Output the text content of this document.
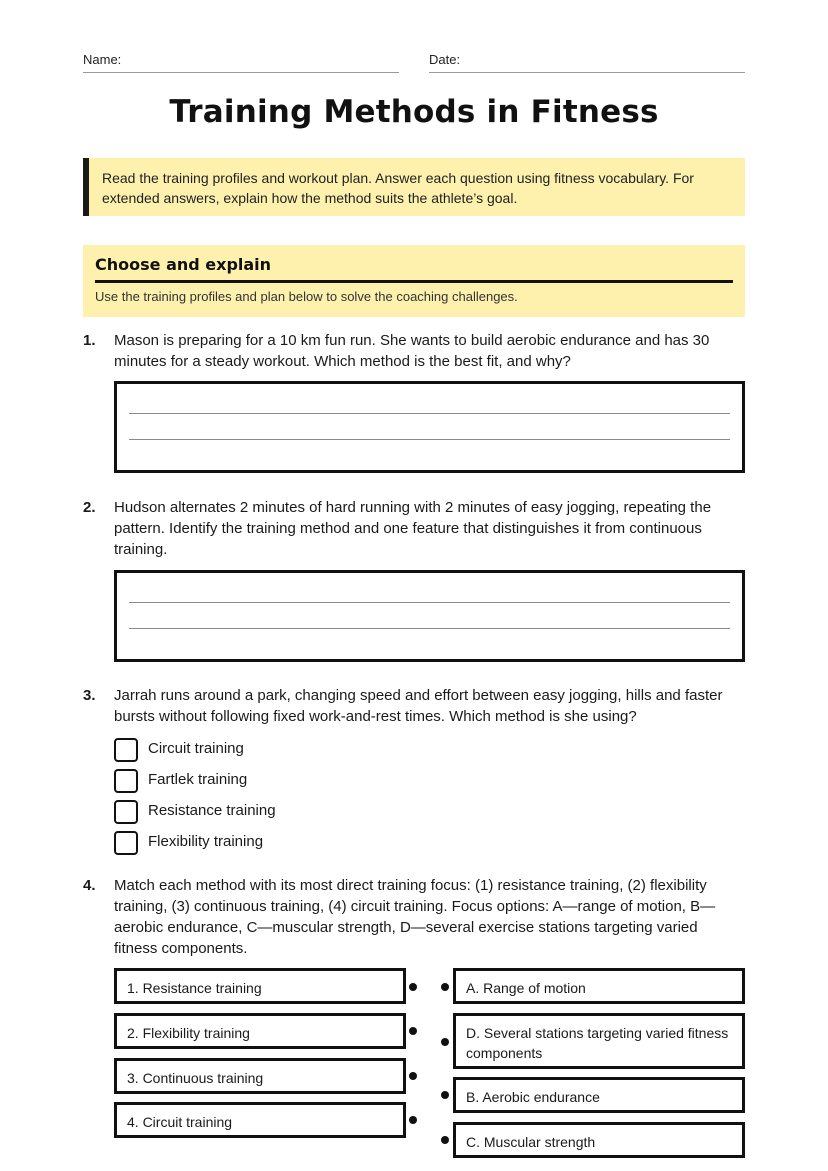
Name:	Date:
Training Methods in Fitness
Read the training profiles and workout plan. Answer each question using fitness vocabulary. For extended answers, explain how the method suits the athlete’s goal.
Choose and explain
Use the training profiles and plan below to solve the coaching challenges.
1. Mason is preparing for a 10 km fun run. She wants to build aerobic endurance and has 30 minutes for a steady workout. Which method is the best fit, and why?
2. Hudson alternates 2 minutes of hard running with 2 minutes of easy jogging, repeating the pattern. Identify the training method and one feature that distinguishes it from continuous training.
3. Jarrah runs around a park, changing speed and effort between easy jogging, hills and faster bursts without following fixed work-and-rest times. Which method is she using?
Circuit training
Fartlek training
Resistance training
Flexibility training
4. Match each method with its most direct training focus: (1) resistance training, (2) flexibility training, (3) continuous training, (4) circuit training. Focus options: A—range of motion, B—aerobic endurance, C—muscular strength, D—several exercise stations targeting varied fitness components.
1. Resistance training
2. Flexibility training
3. Continuous training
4. Circuit training
A. Range of motion
D. Several stations targeting varied fitness components
B. Aerobic endurance
C. Muscular strength
